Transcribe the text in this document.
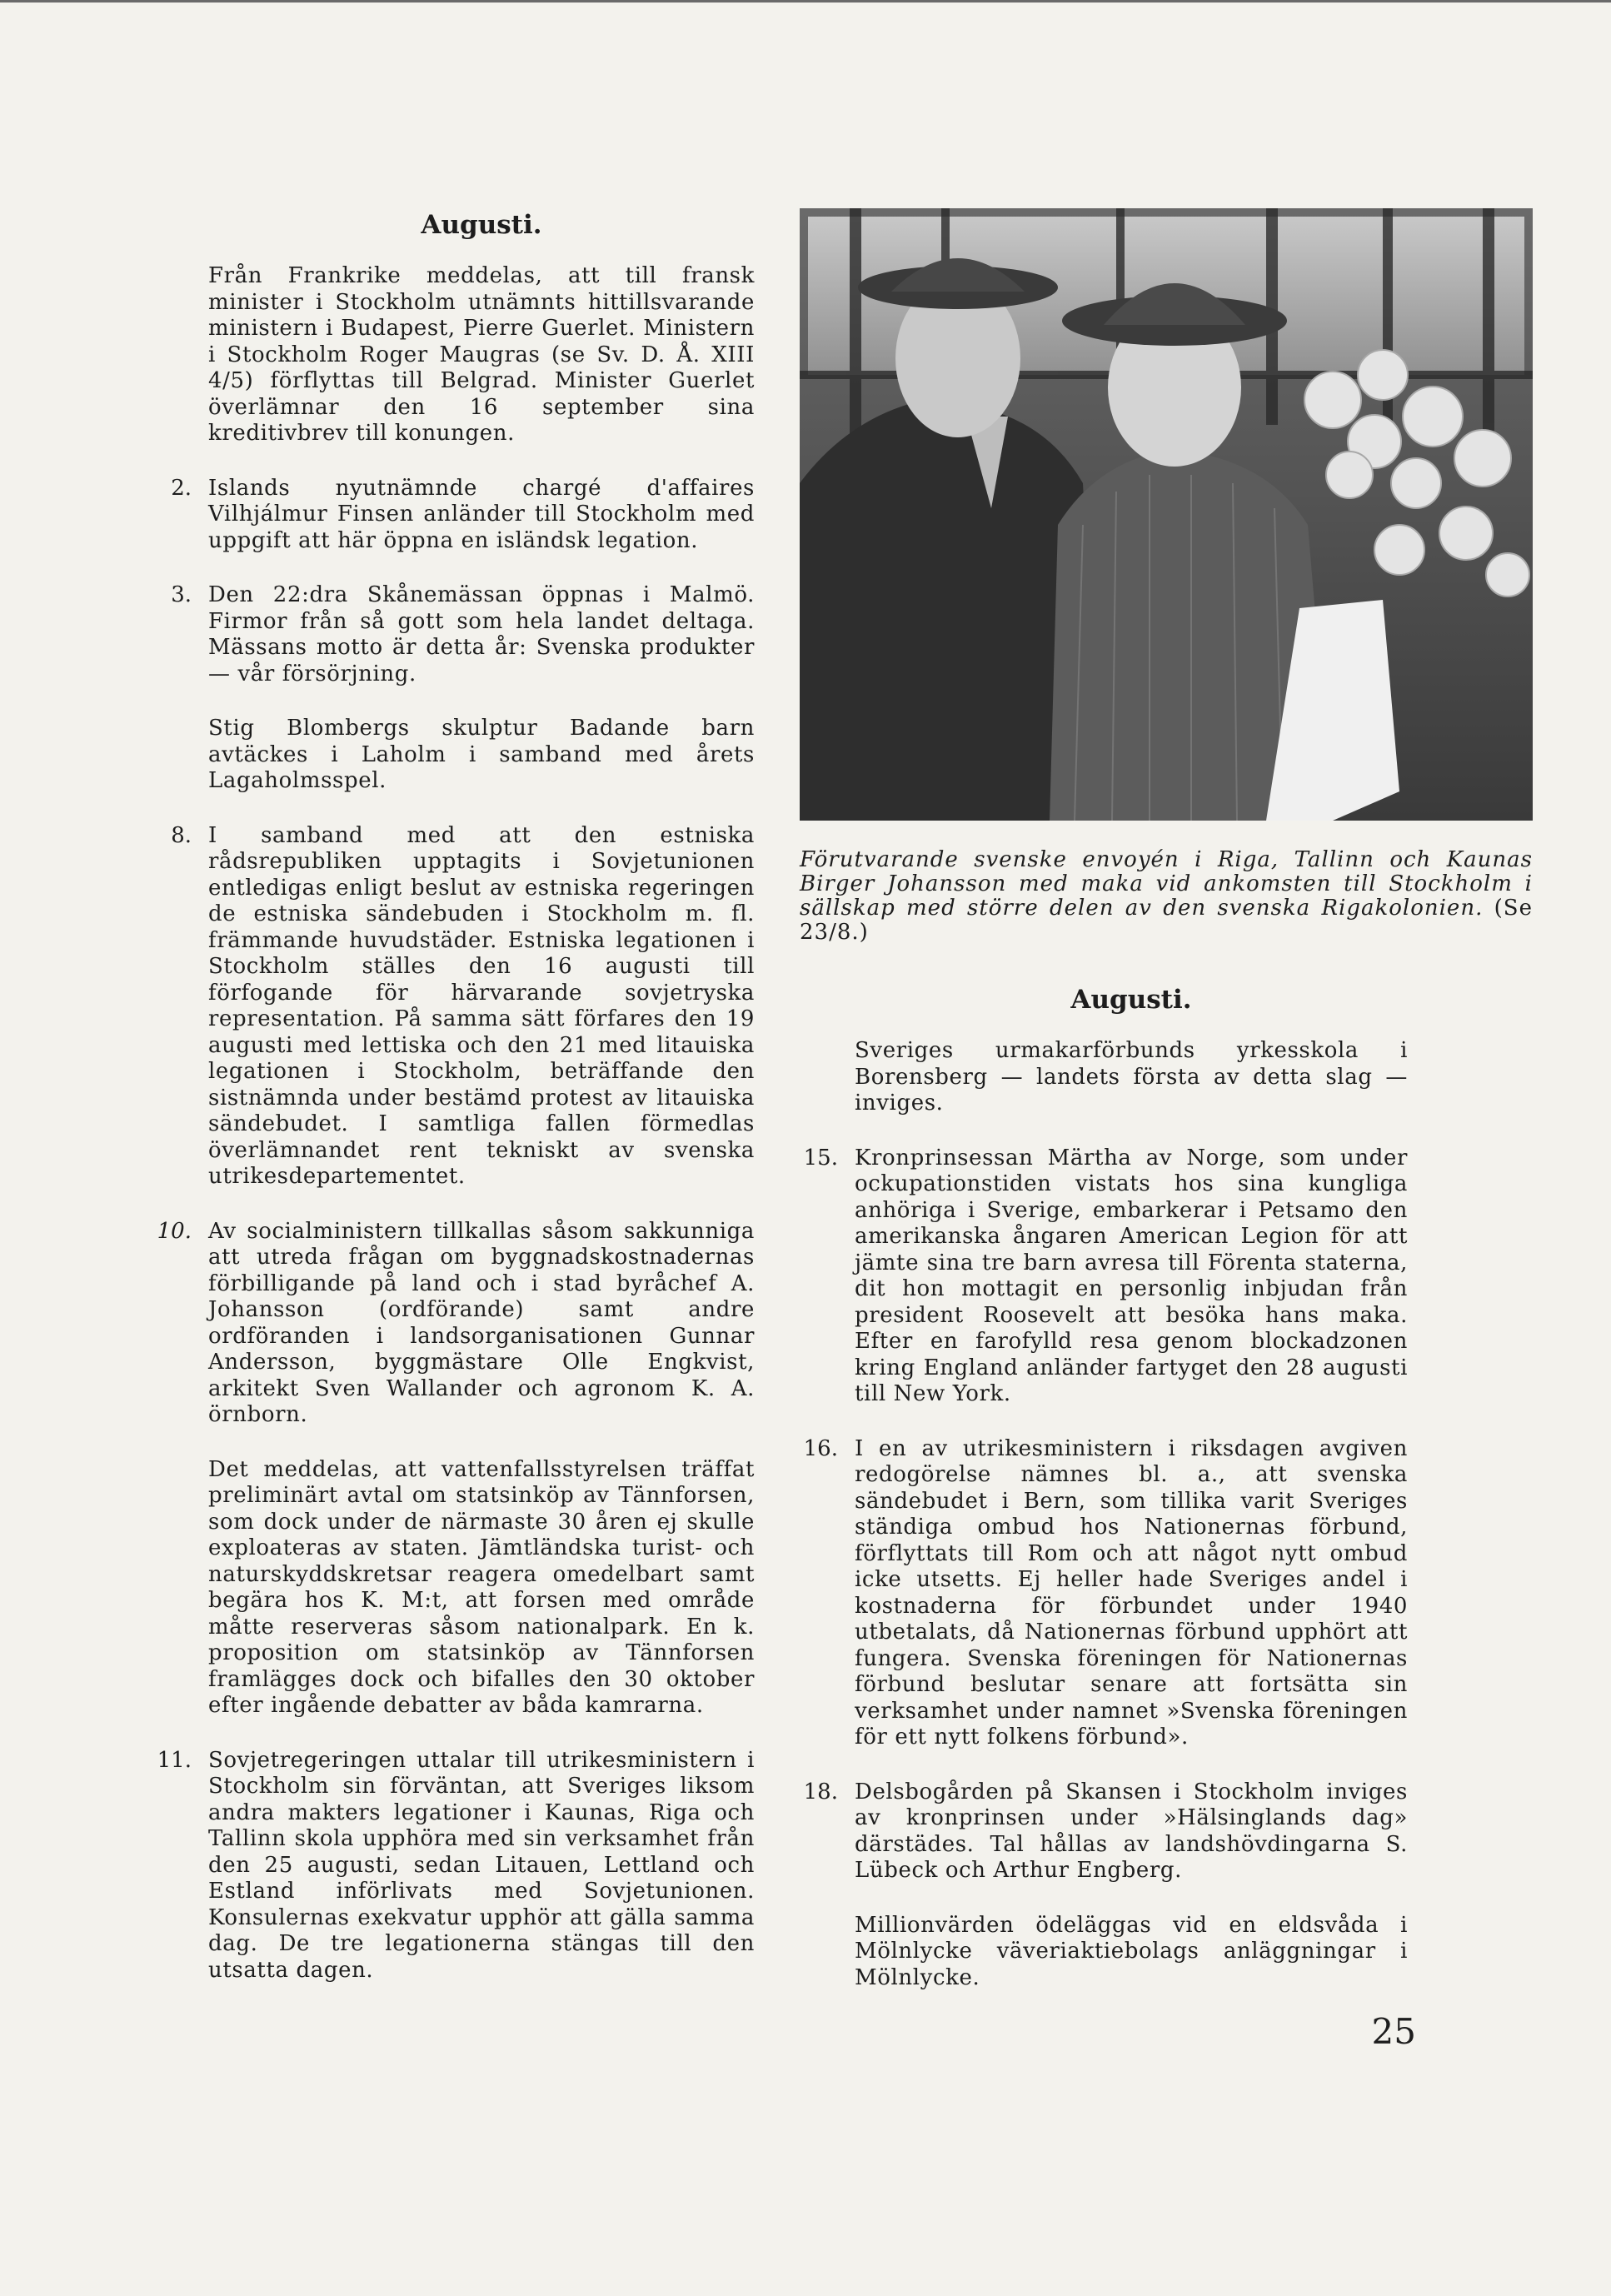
Augusti.

Från Frankrike meddelas, att till fransk minister i Stockholm utnämnts hittillsvarande ministern i Budapest, Pierre Guerlet. Ministern i Stockholm Roger Maugras (se Sv. D. Å. XIII 4/5) förflyttas till Belgrad. Minister Guerlet överlämnar den 16 september sina kreditivbrev till konungen.

2. Islands nyutnämnde chargé d'affaires Vilhjálmur Finsen anländer till Stockholm med uppgift att här öppna en isländsk legation.

3. Den 22:dra Skånemässan öppnas i Malmö. Firmor från så gott som hela landet deltaga. Mässans motto är detta år: Svenska produkter — vår försörjning.

Stig Blombergs skulptur Badande barn avtäckes i Laholm i samband med årets Lagaholmsspel.

8. I samband med att den estniska rådsrepubliken upptagits i Sovjetunionen entledigas enligt beslut av estniska regeringen de estniska sändebuden i Stockholm m. fl. främmande huvudstäder. Estniska legationen i Stockholm ställes den 16 augusti till förfogande för härvarande sovjetryska representation. På samma sätt förfares den 19 augusti med lettiska och den 21 med litauiska legationen i Stockholm, beträffande den sistnämnda under bestämd protest av litauiska sändebudet. I samtliga fallen förmedlas överlämnandet rent tekniskt av svenska utrikesdepartementet.

10. Av socialministern tillkallas såsom sakkunniga att utreda frågan om byggnadskostnadernas förbilligande på land och i stad byråchef A. Johansson (ordförande) samt andre ordföranden i landsorganisationen Gunnar Andersson, byggmästare Olle Engkvist, arkitekt Sven Wallander och agronom K. A. örnborn.

Det meddelas, att vattenfallsstyrelsen träffat preliminärt avtal om statsinköp av Tännforsen, som dock under de närmaste 30 åren ej skulle exploateras av staten. Jämtländska turist- och naturskyddskretsar reagera omedelbart samt begära hos K. M:t, att forsen med område måtte reserveras såsom nationalpark. En k. proposition om statsinköp av Tännforsen framlägges dock och bifalles den 30 oktober efter ingående debatter av båda kamrarna.

11. Sovjetregeringen uttalar till utrikesministern i Stockholm sin förväntan, att Sveriges liksom andra makters legationer i Kaunas, Riga och Tallinn skola upphöra med sin verksamhet från den 25 augusti, sedan Litauen, Lettland och Estland införlivats med Sovjetunionen. Konsulernas exekvatur upphör att gälla samma dag. De tre legationerna stängas till den utsatta dagen.

Förutvarande svenske envoyén i Riga, Tallinn och Kaunas Birger Johansson med maka vid ankomsten till Stockholm i sällskap med större delen av den svenska Rigakolonien. (Se 23/8.)
Augusti.

Sveriges urmakarförbunds yrkesskola i Borensberg — landets första av detta slag — inviges.

15. Kronprinsessan Märtha av Norge, som under ockupationstiden vistats hos sina kungliga anhöriga i Sverige, embarkerar i Petsamo den amerikanska ångaren American Legion för att jämte sina tre barn avresa till Förenta staterna, dit hon mottagit en personlig inbjudan från president Roosevelt att besöka hans maka. Efter en farofylld resa genom blockadzonen kring England anländer fartyget den 28 augusti till New York.

16. I en av utrikesministern i riksdagen avgiven redogörelse nämnes bl. a., att svenska sändebudet i Bern, som tillika varit Sveriges ständiga ombud hos Nationernas förbund, förflyttats till Rom och att något nytt ombud icke utsetts. Ej heller hade Sveriges andel i kostnaderna för förbundet under 1940 utbetalats, då Nationernas förbund upphört att fungera. Svenska föreningen för Nationernas förbund beslutar senare att fortsätta sin verksamhet under namnet »Svenska föreningen för ett nytt folkens förbund».

18. Delsbogården på Skansen i Stockholm inviges av kronprinsen under »Hälsinglands dag» därstädes. Tal hållas av landshövdingarna S. Lübeck och Arthur Engberg.

Millionvärden ödeläggas vid en eldsvåda i Mölnlycke väveriaktiebolags anläggningar i Mölnlycke.

25
